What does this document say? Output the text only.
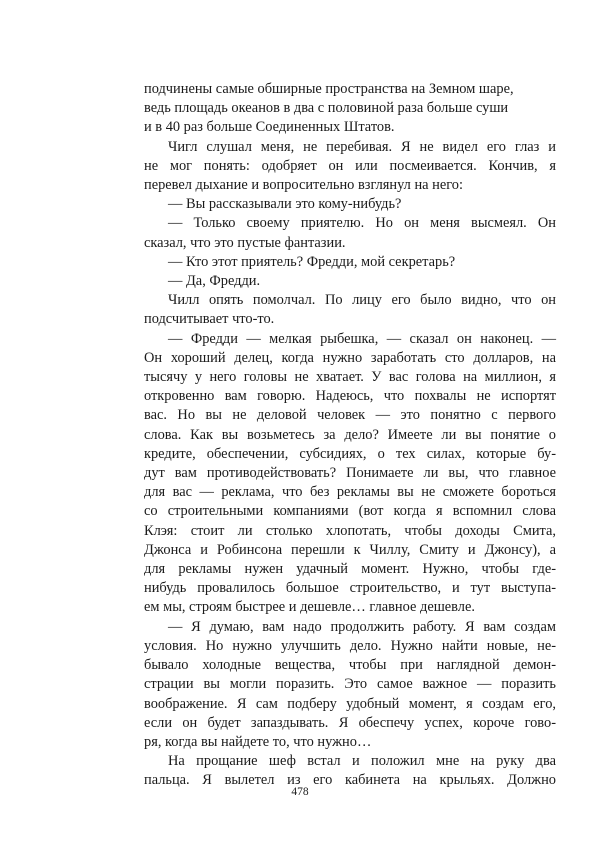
подчинены самые обширные пространства на Земном шаре,

ведь площадь океанов в два с половиной раза больше суши

и в 40 раз больше Соединенных Штатов.

Чигл слушал меня, не перебивая. Я не видел его глаз и

не мог понять: одобряет он или посмеивается. Кончив, я

перевел дыхание и вопросительно взглянул на него:

— Вы рассказывали это кому-нибудь?

— Только своему приятелю. Но он меня высмеял. Он

сказал, что это пустые фантазии.

— Кто этот приятель? Фредди, мой секретарь?

— Да, Фредди.

Чилл опять помолчал. По лицу его было видно, что он

подсчитывает что-то.

— Фредди — мелкая рыбешка, — сказал он наконец. —

Он хороший делец, когда нужно заработать сто долларов, на

тысячу у него головы не хватает. У вас голова на миллион, я

откровенно вам говорю. Надеюсь, что похвалы не испортят

вас. Но вы не деловой человек — это понятно с первого

слова. Как вы возьметесь за дело? Имеете ли вы понятие о

кредите, обеспечении, субсидиях, о тех силах, которые бу-

дут вам противодействовать? Понимаете ли вы, что главное

для вас — реклама, что без рекламы вы не сможете бороться

со строительными компаниями (вот когда я вспомнил слова

Клэя: стоит ли столько хлопотать, чтобы доходы Смита,

Джонса и Робинсона перешли к Чиллу, Смиту и Джонсу), а

для рекламы нужен удачный момент. Нужно, чтобы где-

нибудь провалилось большое строительство, и тут выступа-

ем мы, строям быстрее и дешевле… главное дешевле.

— Я думаю, вам надо продолжить работу. Я вам создам

условия. Но нужно улучшить дело. Нужно найти новые, не-

бывало холодные вещества, чтобы при наглядной демон-

страции вы могли поразить. Это самое важное — поразить

воображение. Я сам подберу удобный момент, я создам его,

если он будет запаздывать. Я обеспечу успех, короче гово-

ря, когда вы найдете то, что нужно…

На прощание шеф встал и положил мне на руку два

пальца. Я вылетел из его кабинета на крыльях. Должно

478
